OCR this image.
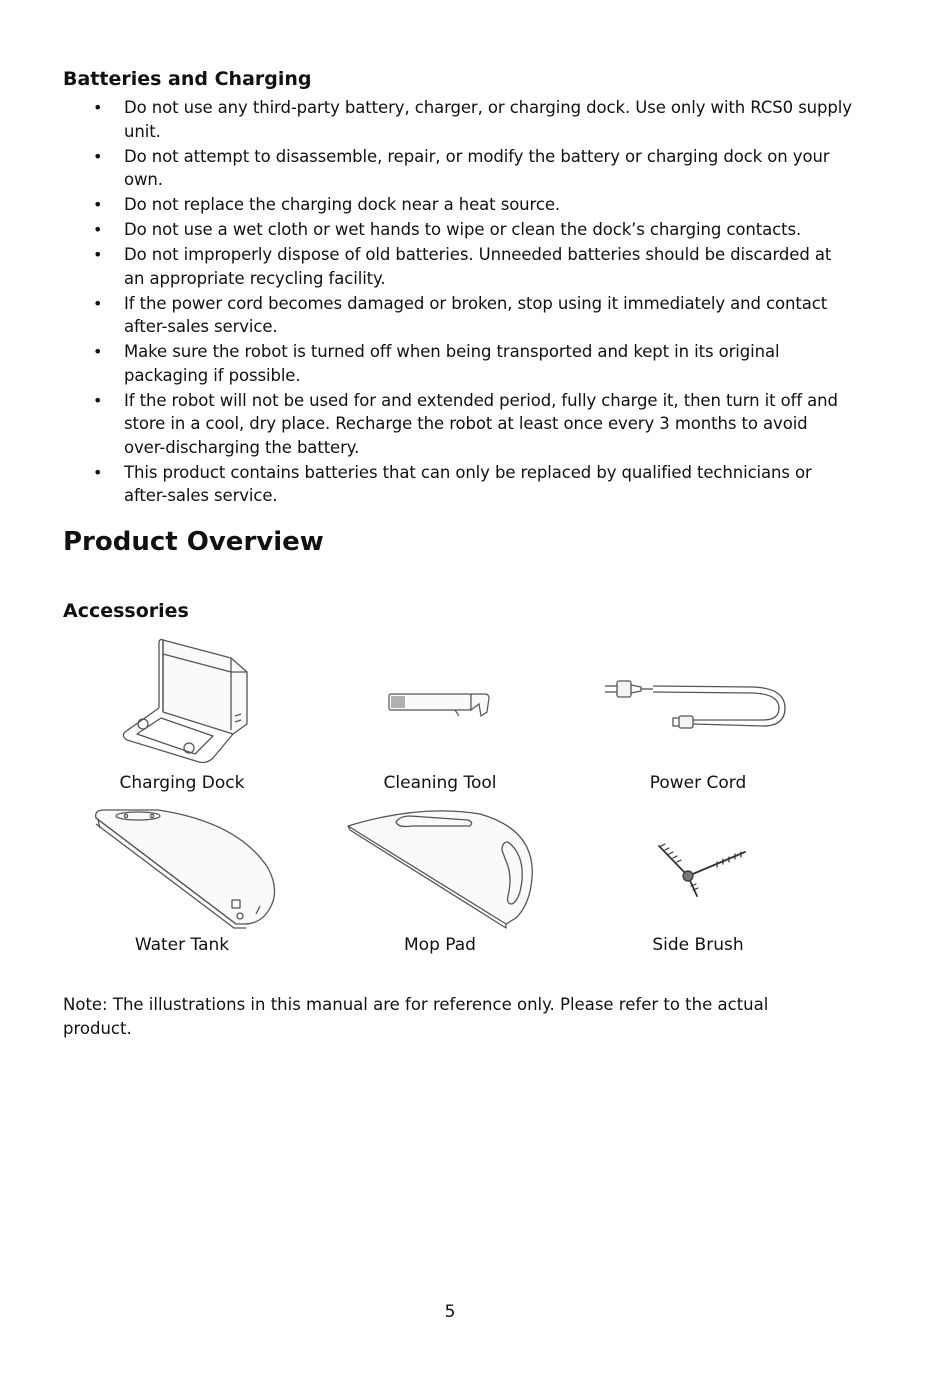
Batteries and Charging
• Do not use any third-party battery, charger, or charging dock. Use only with RCS0 supply unit.
• Do not attempt to disassemble, repair, or modify the battery or charging dock on your own.
• Do not replace the charging dock near a heat source.
• Do not use a wet cloth or wet hands to wipe or clean the dock’s charging contacts.
• Do not improperly dispose of old batteries. Unneeded batteries should be discarded at an appropriate recycling facility.
• If the power cord becomes damaged or broken, stop using it immediately and contact after-sales service.
• Make sure the robot is turned off when being transported and kept in its original packaging if possible.
• If the robot will not be used for and extended period, fully charge it, then turn it off and store in a cool, dry place. Recharge the robot at least once every 3 months to avoid over-discharging the battery.
• This product contains batteries that can only be replaced by qualified technicians or after-sales service.
Product Overview
Accessories
Charging Dock	Cleaning Tool	Power Cord
Water Tank	Mop Pad	Side Brush

Note: The illustrations in this manual are for reference only. Please refer to the actual product.

5
